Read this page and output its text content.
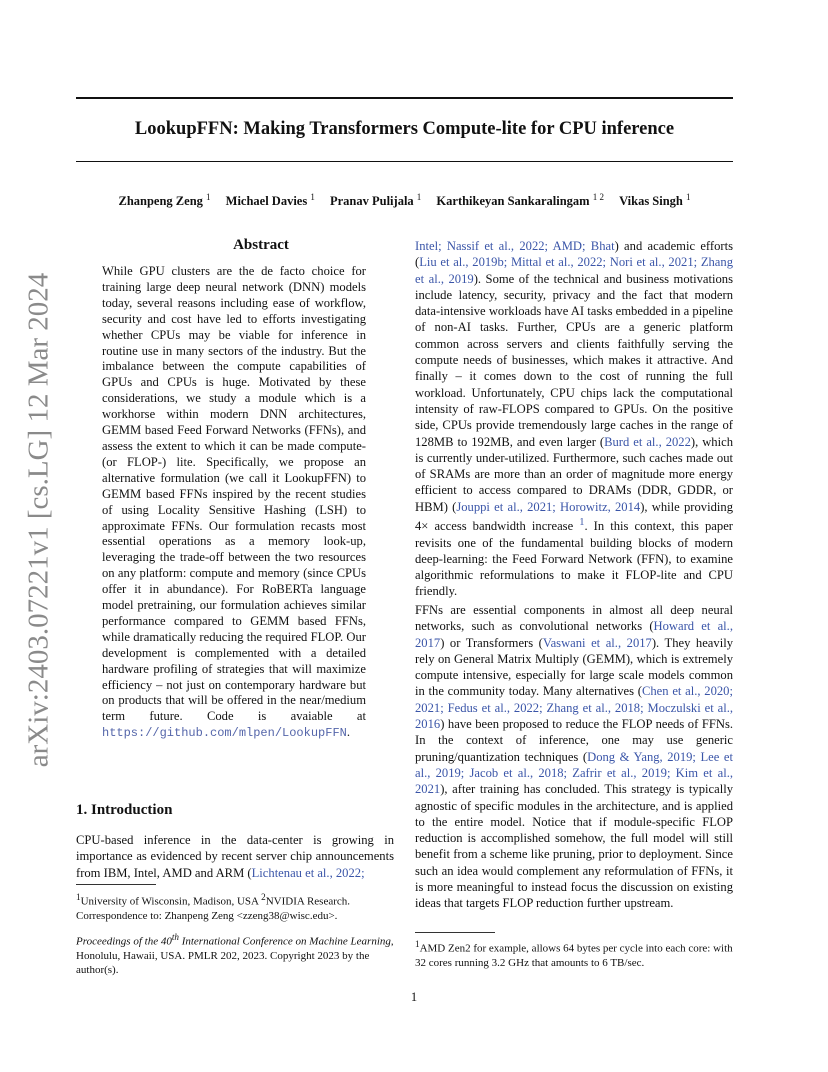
LookupFFN: Making Transformers Compute-lite for CPU inference
Zhanpeng Zeng $^1$ Michael Davies $^1$ Pranav Pulijala $^1$ Karthikeyan Sankaralingam $^{1 2}$ Vikas Singh $^1$
arXiv:2403.07221v1 [cs.LG] 12 Mar 2024
Abstract
While GPU clusters are the de facto choice for training large deep neural network (DNN) models today, several reasons including ease of workflow, security and cost have led to efforts investigating whether CPUs may be viable for inference in routine use in many sectors of the industry. But the imbalance between the compute capabilities of GPUs and CPUs is huge. Motivated by these considerations, we study a module which is a workhorse within modern DNN architectures, GEMM based Feed Forward Networks (FFNs), and assess the extent to which it can be made compute- (or FLOP-) lite. Specifically, we propose an alternative formulation (we call it LookupFFN) to GEMM based FFNs inspired by the recent studies of using Locality Sensitive Hashing (LSH) to approximate FFNs. Our formulation recasts most essential operations as a memory look-up, leveraging the trade-off between the two resources on any platform: compute and memory (since CPUs offer it in abundance). For RoBERTa language model pretraining, our formulation achieves similar performance compared to GEMM based FFNs, while dramatically reducing the required FLOP. Our development is complemented with a detailed hardware profiling of strategies that will maximize efficiency – not just on contemporary hardware but on products that will be offered in the near/medium term future. Code is avaiable at https://github.com/mlpen/LookupFFN.
1. Introduction

CPU-based inference in the data-center is growing in importance as evidenced by recent server chip announcements from IBM, Intel, AMD and ARM (Lichtenau et al., 2022;

$^1$University of Wisconsin, Madison, USA $^2$NVIDIA Research. Correspondence to: Zhanpeng Zeng <zzeng38@wisc.edu>.
Proceedings of the 40th International Conference on Machine Learning, Honolulu, Hawaii, USA. PMLR 202, 2023. Copyright 2023 by the author(s).

Intel; Nassif et al., 2022; AMD; Bhat) and academic efforts (Liu et al., 2019b; Mittal et al., 2022; Nori et al., 2021; Zhang et al., 2019). Some of the technical and business motivations include latency, security, privacy and the fact that modern data-intensive workloads have AI tasks embedded in a pipeline of non-AI tasks. Further, CPUs are a generic platform common across servers and clients faithfully serving the compute needs of businesses, which makes it attractive. And finally – it comes down to the cost of running the full workload. Unfortunately, CPU chips lack the computational intensity of raw-FLOPS compared to GPUs. On the positive side, CPUs provide tremendously large caches in the range of 128MB to 192MB, and even larger (Burd et al., 2022), which is currently under-utilized. Furthermore, such caches made out of SRAMs are more than an order of magnitude more energy efficient to access compared to DRAMs (DDR, GDDR, or HBM) (Jouppi et al., 2021; Horowitz, 2014), while providing 4× access bandwidth increase $^1$. In this context, this paper revisits one of the fundamental building blocks of modern deep-learning: the Feed Forward Network (FFN), to examine algorithmic reformulations to make it FLOP-lite and CPU friendly.

FFNs are essential components in almost all deep neural networks, such as convolutional networks (Howard et al., 2017) or Transformers (Vaswani et al., 2017). They heavily rely on General Matrix Multiply (GEMM), which is extremely compute intensive, especially for large scale models common in the community today. Many alternatives (Chen et al., 2020; 2021; Fedus et al., 2022; Zhang et al., 2018; Moczulski et al., 2016) have been proposed to reduce the FLOP needs of FFNs. In the context of inference, one may use generic pruning/quantization techniques (Dong & Yang, 2019; Lee et al., 2019; Jacob et al., 2018; Zafrir et al., 2019; Kim et al., 2021), after training has concluded. This strategy is typically agnostic of specific modules in the architecture, and is applied to the entire model. Notice that if module-specific FLOP reduction is accomplished somehow, the full model will still benefit from a scheme like pruning, prior to deployment. Since such an idea would complement any reformulation of FFNs, it is more meaningful to instead focus the discussion on existing ideas that targets FLOP reduction further upstream.

$^1$AMD Zen2 for example, allows 64 bytes per cycle into each core: with 32 cores running 3.2 GHz that amounts to 6 TB/sec.
1
